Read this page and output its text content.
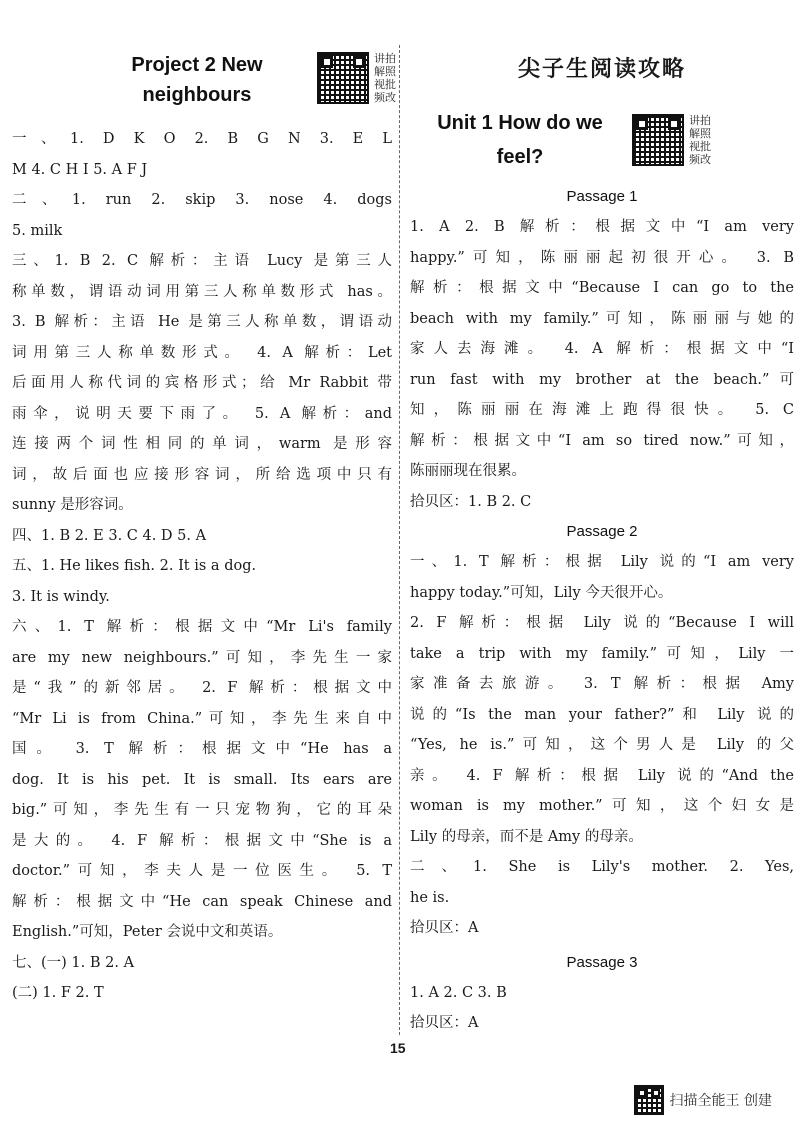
Project 2 New
neighbours
讲拍
解照
视批
频改
一、1. D K O 2. B G N 3. E L
M 4. C H I 5. A F J
二、1. run 2. skip 3. nose 4. dogs
5. milk
三、1. B 2. C 解析：主语 Lucy 是第三人
称单数，谓语动词用第三人称单数形式 has。
3. B 解析：主语 He 是第三人称单数，谓语动
词用第三人称单数形式。 4. A 解析：Let
后面用人称代词的宾格形式；给 Mr Rabbit 带
雨伞，说明天要下雨了。 5. A 解析：and
连接两个词性相同的单词，warm 是形容
词，故后面也应接形容词，所给选项中只有
sunny 是形容词。
四、1. B 2. E 3. C 4. D 5. A
五、1. He likes fish. 2. It is a dog.
3. It is windy.
六、1. T 解析：根据文中“Mr Li's family
are my new neighbours.”可知，李先生一家
是“我”的新邻居。 2. F 解析：根据文中
“Mr Li is from China.”可知，李先生来自中
国。 3. T 解析：根据文中“He has a
dog. It is his pet. It is small. Its ears are
big.”可知，李先生有一只宠物狗，它的耳朵
是大的。 4. F 解析：根据文中“She is a
doctor.”可知，李夫人是一位医生。 5. T
解析：根据文中“He can speak Chinese and
English.”可知，Peter 会说中文和英语。
七、(一) 1. B 2. A
(二) 1. F 2. T
尖子生阅读攻略
Unit 1 How do we
feel?
讲拍
解照
视批
频改
Passage 1
1. A 2. B 解析：根据文中“I am very
happy.”可知，陈丽丽起初很开心。 3. B
解析：根据文中“Because I can go to the
beach with my family.”可知，陈丽丽与她的
家人去海滩。 4. A 解析：根据文中“I
run fast with my brother at the beach.”可
知，陈丽丽在海滩上跑得很快。 5. C
解析：根据文中“I am so tired now.”可知，
陈丽丽现在很累。
拾贝区：1. B 2. C
Passage 2
一、1. T 解析：根据 Lily 说的“I am very
happy today.”可知，Lily 今天很开心。
2. F 解析：根据 Lily 说的“Because I will
take a trip with my family.”可知，Lily 一
家准备去旅游。 3. T 解析：根据 Amy
说的“Is the man your father?”和 Lily 说的
“Yes, he is.”可知，这个男人是 Lily 的父
亲。 4. F 解析：根据 Lily 说的“And the
woman is my mother.”可知，这个妇女是
Lily 的母亲，而不是 Amy 的母亲。
二、1. She is Lily's mother. 2. Yes,
he is.
拾贝区：A
Passage 3
1. A 2. C 3. B
拾贝区：A
15
扫描全能王 创建
